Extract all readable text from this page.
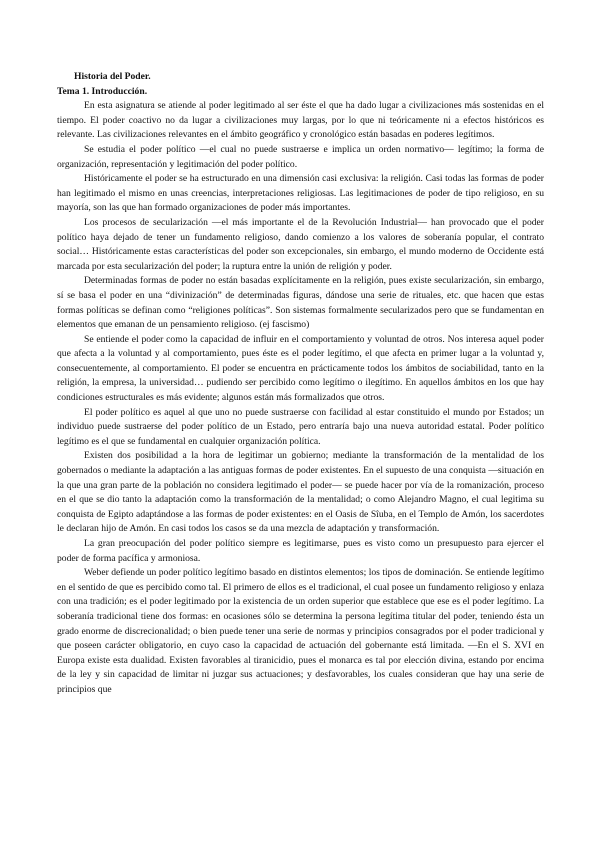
Historia del Poder.
Tema 1. Introducción.

En esta asignatura se atiende al poder legitimado al ser éste el que ha dado lugar a civilizaciones más sostenidas en el tiempo. El poder coactivo no da lugar a civilizaciones muy largas, por lo que ni teóricamente ni a efectos históricos es relevante. Las civilizaciones relevantes en el ámbito geográfico y cronológico están basadas en poderes legítimos.

Se estudia el poder político —el cual no puede sustraerse e implica un orden normativo— legítimo; la forma de organización, representación y legitimación del poder político.

Históricamente el poder se ha estructurado en una dimensión casi exclusiva: la religión. Casi todas las formas de poder han legitimado el mismo en unas creencias, interpretaciones religiosas. Las legitimaciones de poder de tipo religioso, en su mayoría, son las que han formado organizaciones de poder más importantes.

Los procesos de secularización —el más importante el de la Revolución Industrial— han provocado que el poder político haya dejado de tener un fundamento religioso, dando comienzo a los valores de soberanía popular, el contrato social… Históricamente estas características del poder son excepcionales, sin embargo, el mundo moderno de Occidente está marcada por esta secularización del poder; la ruptura entre la unión de religión y poder.

Determinadas formas de poder no están basadas explícitamente en la religión, pues existe secularización, sin embargo, sí se basa el poder en una “divinización” de determinadas figuras, dándose una serie de rituales, etc. que hacen que estas formas políticas se definan como “religiones políticas”. Son sistemas formalmente secularizados pero que se fundamentan en elementos que emanan de un pensamiento religioso. (ej fascismo)

Se entiende el poder como la capacidad de influir en el comportamiento y voluntad de otros. Nos interesa aquel poder que afecta a la voluntad y al comportamiento, pues éste es el poder legítimo, el que afecta en primer lugar a la voluntad y, consecuentemente, al comportamiento. El poder se encuentra en prácticamente todos los ámbitos de sociabilidad, tanto en la religión, la empresa, la universidad… pudiendo ser percibido como legítimo o ilegítimo. En aquellos ámbitos en los que hay condiciones estructurales es más evidente; algunos están más formalizados que otros.

El poder político es aquel al que uno no puede sustraerse con facilidad al estar constituido el mundo por Estados; un individuo puede sustraerse del poder político de un Estado, pero entraría bajo una nueva autoridad estatal. Poder político legítimo es el que se fundamental en cualquier organización política.

Existen dos posibilidad a la hora de legitimar un gobierno; mediante la transformación de la mentalidad de los gobernados o mediante la adaptación a las antiguas formas de poder existentes. En el supuesto de una conquista —situación en la que una gran parte de la población no considera legitimado el poder— se puede hacer por vía de la romanización, proceso en el que se dio tanto la adaptación como la transformación de la mentalidad; o como Alejandro Magno, el cual legitima su conquista de Egipto adaptándose a las formas de poder existentes: en el Oasis de Sîuba, en el Templo de Amón, los sacerdotes le declaran hijo de Amón. En casi todos los casos se da una mezcla de adaptación y transformación.

La gran preocupación del poder político siempre es legitimarse, pues es visto como un presupuesto para ejercer el poder de forma pacífica y armoniosa.

Weber defiende un poder político legítimo basado en distintos elementos; los tipos de dominación. Se entiende legítimo en el sentido de que es percibido como tal. El primero de ellos es el tradicional, el cual posee un fundamento religioso y enlaza con una tradición; es el poder legitimado por la existencia de un orden superior que establece que ese es el poder legítimo. La soberanía tradicional tiene dos formas: en ocasiones sólo se determina la persona legítima titular del poder, teniendo ésta un grado enorme de discrecionalidad; o bien puede tener una serie de normas y principios consagrados por el poder tradicional y que poseen carácter obligatorio, en cuyo caso la capacidad de actuación del gobernante está limitada. —En el S. XVI en Europa existe esta dualidad. Existen favorables al tiranicidio, pues el monarca es tal por elección divina, estando por encima de la ley y sin capacidad de limitar ni juzgar sus actuaciones; y desfavorables, los cuales consideran que hay una serie de principios que
